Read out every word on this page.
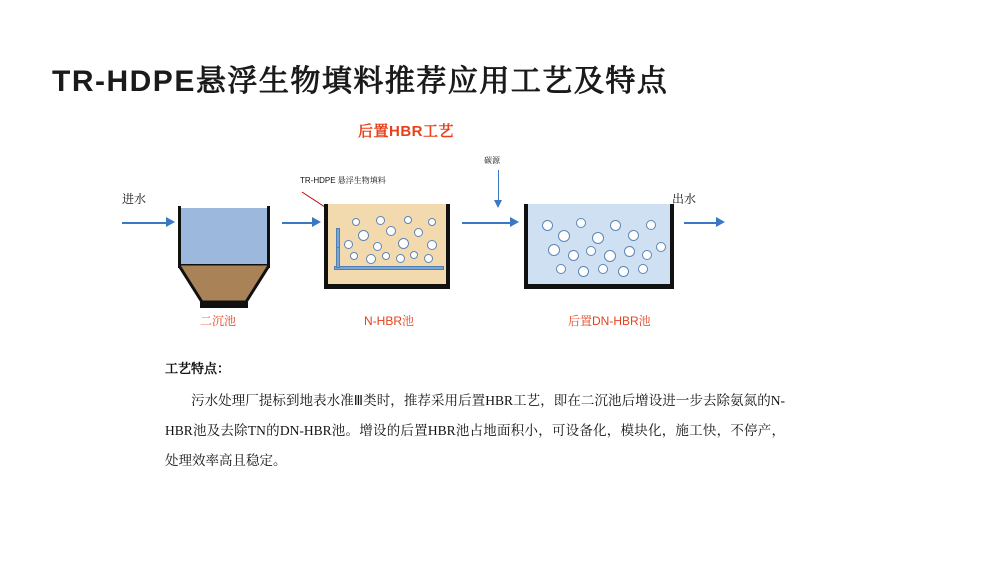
TR-HDPE悬浮生物填料推荐应用工艺及特点
后置HBR工艺
进水
二沉池
TR-HDPE 悬浮生物填料
N-HBR池
碳源
后置DN-HBR池
出水
工艺特点：
污水处理厂提标到地表水准Ⅲ类时，推荐采用后置HBR工艺，即在二沉池后增设进一步去除氨氮的N-HBR池及去除TN的DN-HBR池。增设的后置HBR池占地面积小，可设备化，模块化，施工快，不停产，处理效率高且稳定。
